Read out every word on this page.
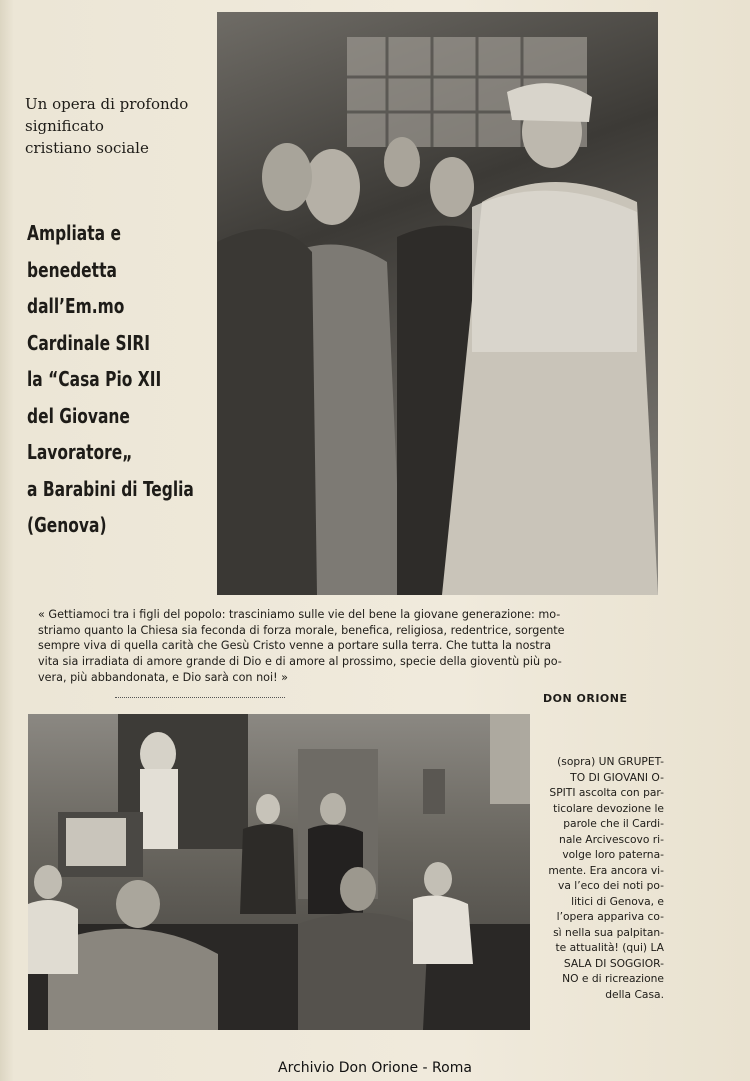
Un opera di profondo
significato
cristiano sociale
Ampliata e
benedetta
dall’Em.mo
Cardinale SIRI
la “Casa Pio XII
del Giovane
Lavoratore„
a Barabini di Teglia
(Genova)
« Gettiamoci tra i figli del popolo: trasciniamo sulle vie del bene la giovane generazione: mo-
striamo quanto la Chiesa sia feconda di forza morale, benefica, religiosa, redentrice, sorgente
sempre viva di quella carità che Gesù Cristo venne a portare sulla terra. Che tutta la nostra
vita sia irradiata di amore grande di Dio e di amore al prossimo, specie della gioventù più po-
vera, più abbandonata, e Dio sarà con noi! »
DON ORIONE
(sopra) UN GRUPET-
TO DI GIOVANI O-
SPITI ascolta con par-
ticolare devozione le
parole che il Cardi-
nale Arcivescovo ri-
volge loro paterna-
mente. Era ancora vi-
va l’eco dei noti po-
litici di Genova, e
l’opera appariva co-
sì nella sua palpitan-
te attualità! (qui) LA
SALA DI SOGGIOR-
NO e di ricreazione
della Casa.
Archivio Don Orione - Roma
